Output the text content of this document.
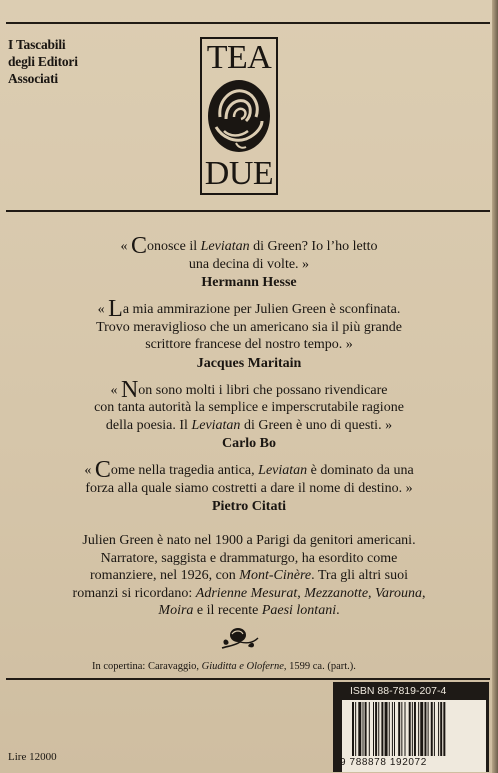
I Tascabili
degli Editori
Associati
TEA
DUE

« Conosce il Leviatan di Green? Io l’ho letto

una decina di volte. »

Hermann Hesse

« La mia ammirazione per Julien Green è sconfinata.

Trovo meraviglioso che un americano sia il più grande

scrittore francese del nostro tempo. »

Jacques Maritain

« Non sono molti i libri che possano rivendicare

con tanta autorità la semplice e imperscrutabile ragione

della poesia. Il Leviatan di Green è uno di questi. »

Carlo Bo

« Come nella tragedia antica, Leviatan è dominato da una

forza alla quale siamo costretti a dare il nome di destino. »

Pietro Citati
Julien Green è nato nel 1900 a Parigi da genitori americani.
Narratore, saggista e drammaturgo, ha esordito come
romanziere, nel 1926, con Mont-Cinère. Tra gli altri suoi
romanzi si ricordano: Adrienne Mesurat, Mezzanotte, Varouna,
Moira e il recente Paesi lontani.
In copertina: Caravaggio, Giuditta e Oloferne, 1599 ca. (part.).
Lire 12000
ISBN 88-7819-207-4
9 788878 192072
